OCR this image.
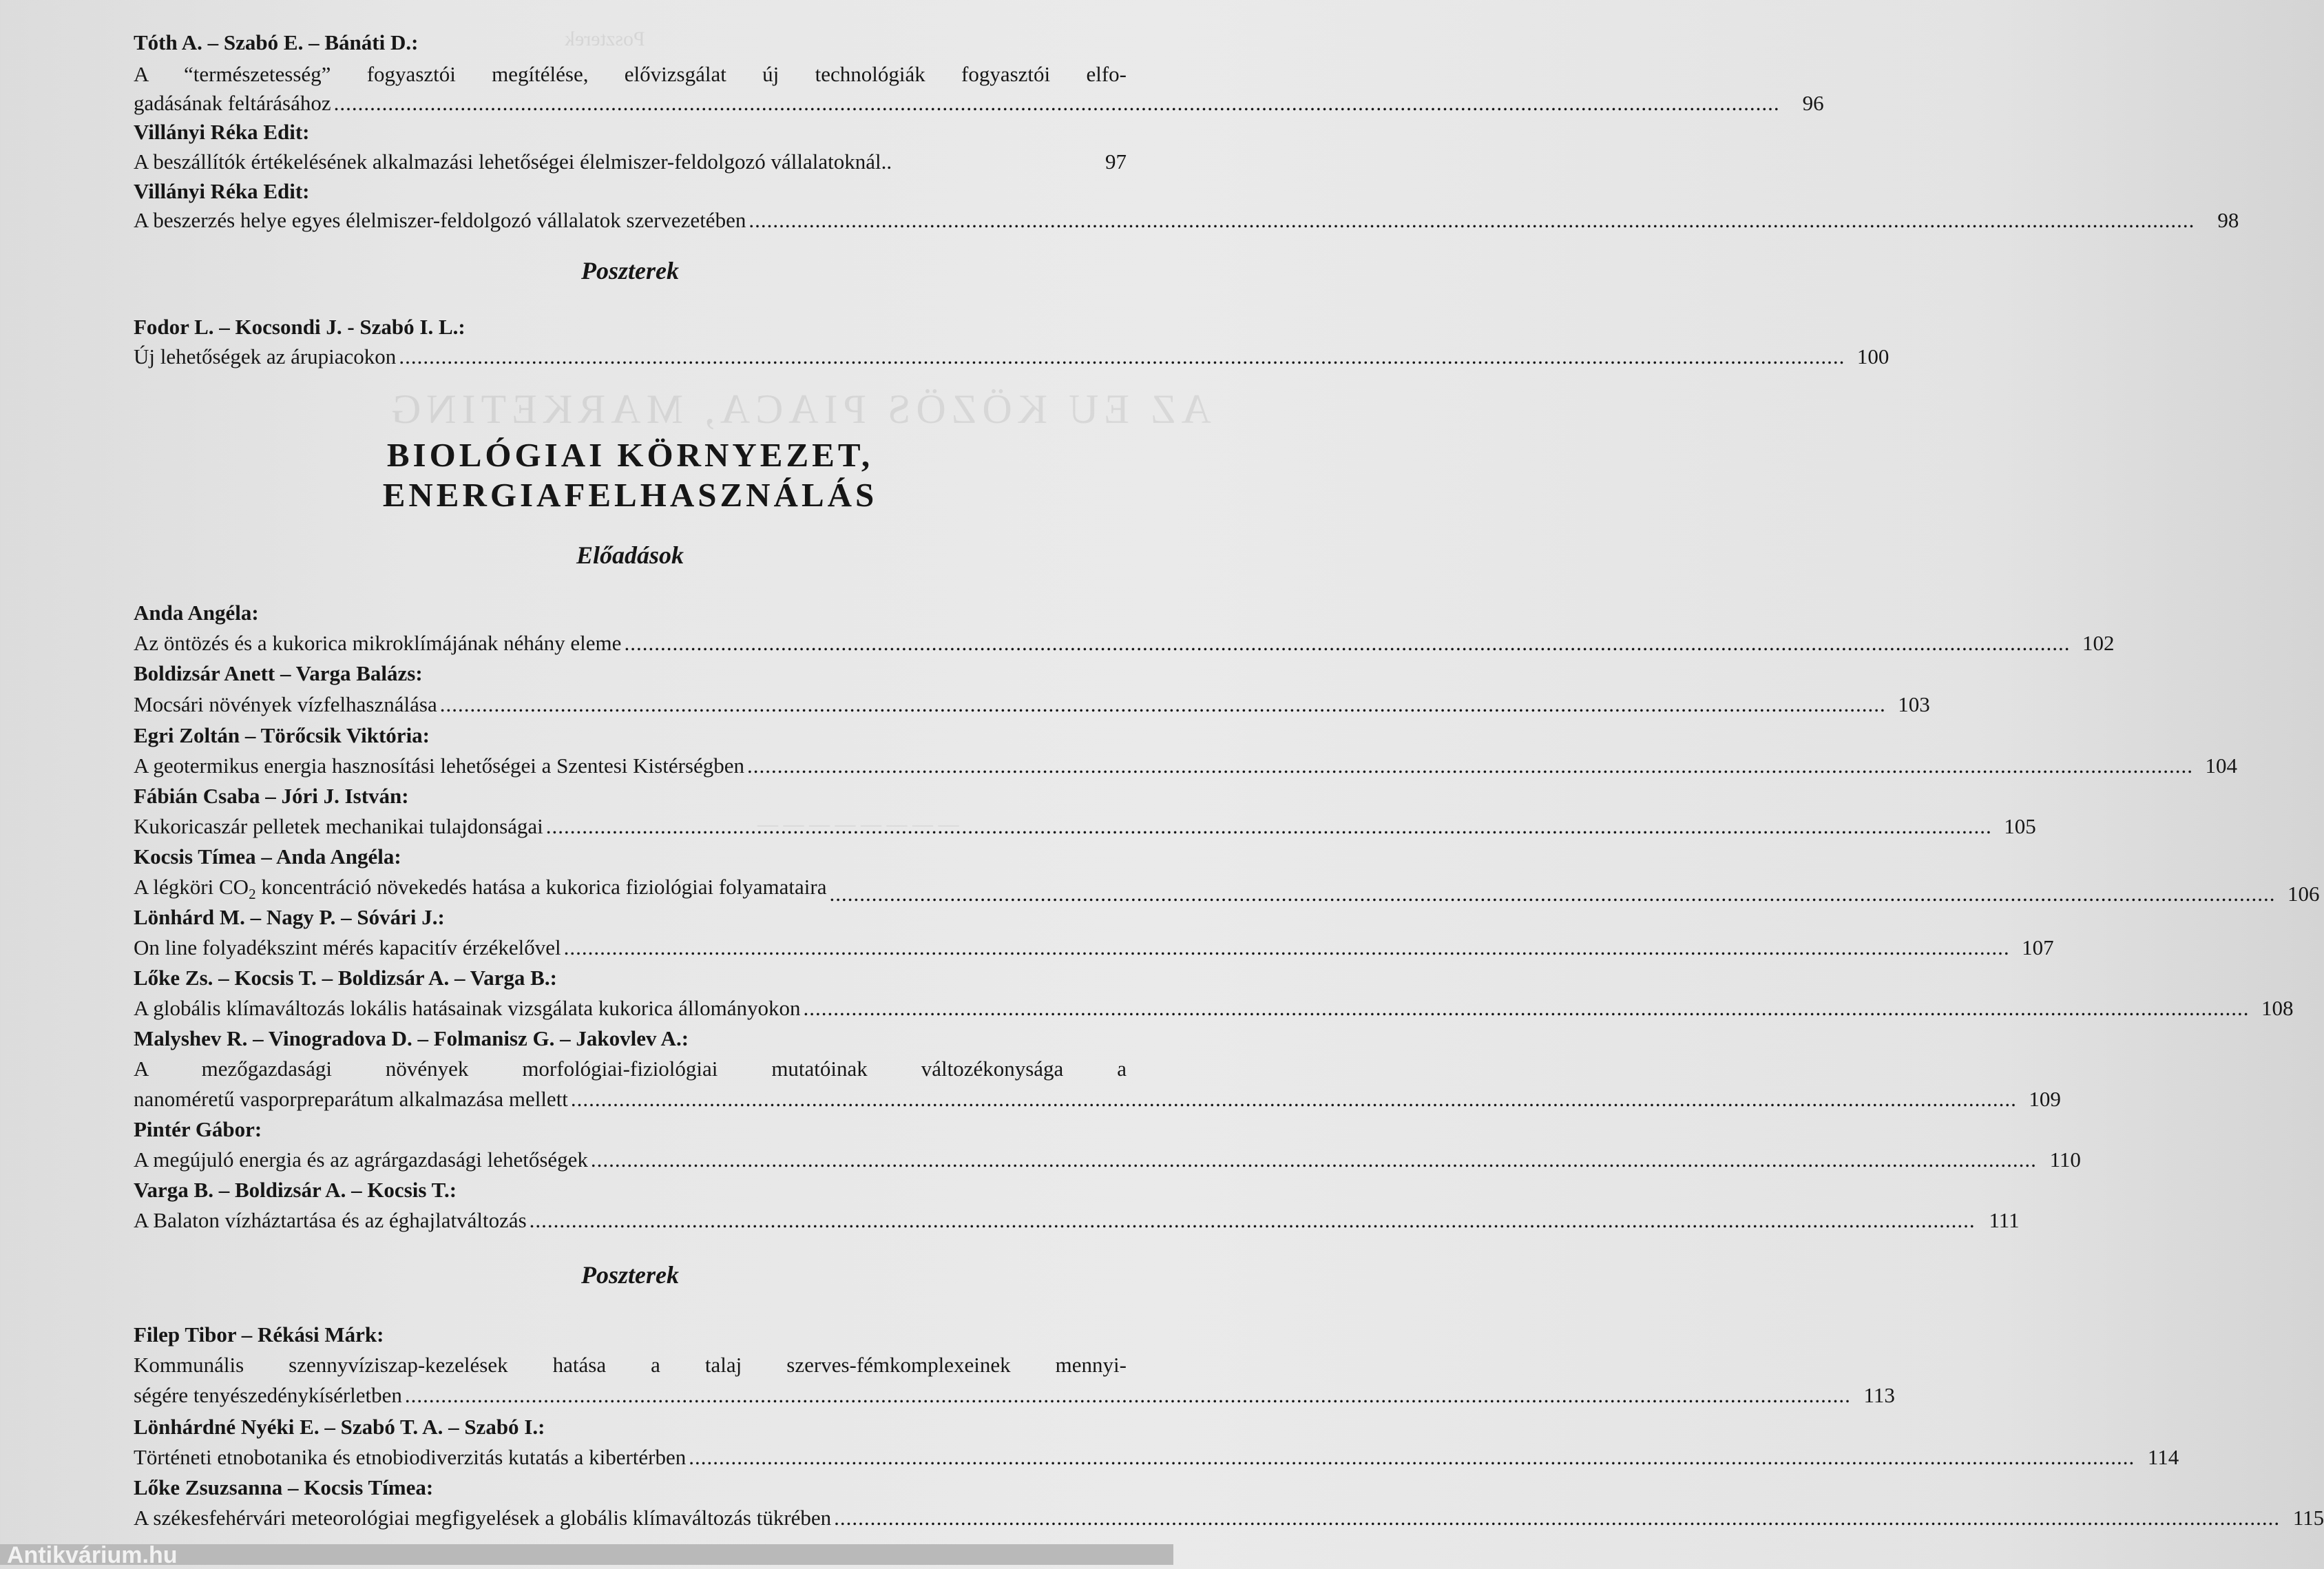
Poszterek
AZ EU KÖZÖS PIACA, MARKETING
— — — — — — — —
Tóth A. – Szabó E. – Bánáti D.:
A “természetesség” fogyasztói megítélése, elővizsgálat új technológiák fogyasztói elfo-
gadásának feltárásához .....	96
Villányi Réka Edit:
A beszállítók értékelésének alkalmazási lehetőségei élelmiszer-feldolgozó vállalatoknál..	97
Villányi Réka Edit:
A beszerzés helye egyes élelmiszer-feldolgozó vállalatok szervezetében .....	98
Poszterek
Fodor L. – Kocsondi J. - Szabó I. L.:
Új lehetőségek az árupiacokon .....	100
BIOLÓGIAI KÖRNYEZET,
ENERGIAFELHASZNÁLÁS
Előadások
Anda Angéla:
Az öntözés és a kukorica mikroklímájának néhány eleme .....	102
Boldizsár Anett – Varga Balázs:
Mocsári növények vízfelhasználása .....	103
Egri Zoltán – Törőcsik Viktória:
A geotermikus energia hasznosítási lehetőségei a Szentesi Kistérségben .....	104
Fábián Csaba – Jóri J. István:
Kukoricaszár pelletek mechanikai tulajdonságai .....	105
Kocsis Tímea – Anda Angéla:
A légköri $CO_2$ koncentráció növekedés hatása a kukorica fiziológiai folyamataira .....	106
Lönhárd M. – Nagy P. – Sóvári J.:
On line folyadékszint mérés kapacitív érzékelővel .....	107
Lőke Zs. – Kocsis T. – Boldizsár A. – Varga B.:
A globális klímaváltozás lokális hatásainak vizsgálata kukorica állományokon .....	108
Malyshev R. – Vinogradova D. – Folmanisz G. – Jakovlev A.:
A mezőgazdasági növények morfológiai-fiziológiai mutatóinak változékonysága a
nanoméretű vasporpreparátum alkalmazása mellett .....	109
Pintér Gábor:
A megújuló energia és az agrárgazdasági lehetőségek .....	110
Varga B. – Boldizsár A. – Kocsis T.:
A Balaton vízháztartása és az éghajlatváltozás .....	111
Poszterek
Filep Tibor – Rékási Márk:
Kommunális szennyvíziszap-kezelések hatása a talaj szerves-fémkomplexeinek mennyi-
ségére tenyészedénykísérletben .....	113
Lönhárdné Nyéki E. – Szabó T. A. – Szabó I.:
Történeti etnobotanika és etnobiodiverzitás kutatás a kibertérben .....	114
Lőke Zsuzsanna – Kocsis Tímea:
A székesfehérvári meteorológiai megfigyelések a globális klímaváltozás tükrében .....	115
Antikvárium.hu
